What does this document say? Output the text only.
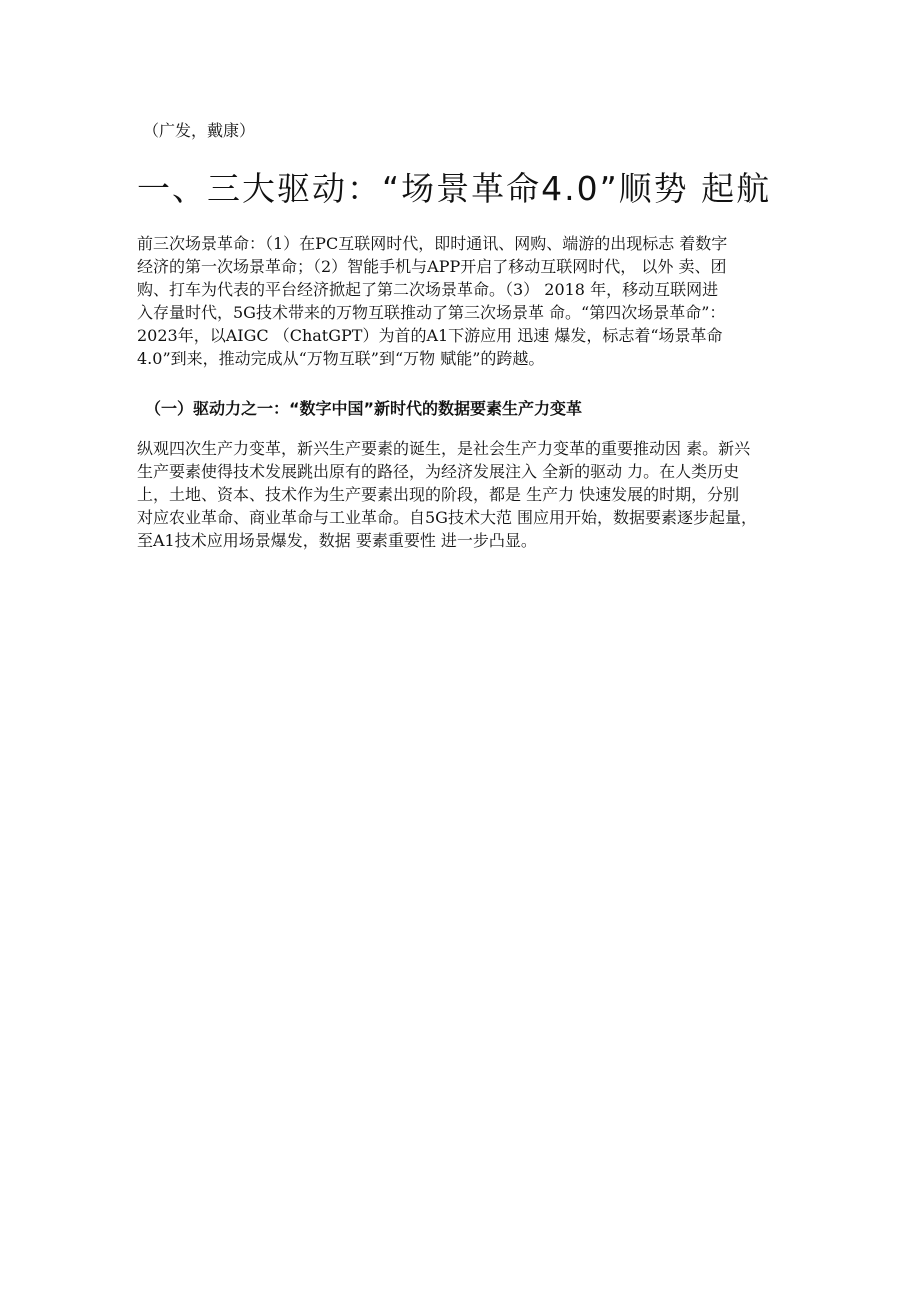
（广发，戴康）
一、三大驱动：“场景革命4.0”顺势 起航

前三次场景革命：（1）在PC互联网时代，即时通讯、网购、端游的出现标志 着数字
经济的第一次场景革命；（2）智能手机与APP开启了移动互联网时代， 以外 卖、团
购、打车为代表的平台经济掀起了第二次场景革命。（3） 2018 年，移动互联网进
入存量时代，5G技术带来的万物互联推动了第三次场景革 命。“第四次场景革命”：
2023年，以AIGC （ChatGPT）为首的A1下游应用 迅速 爆发，标志着“场景革命
4.0”到来，推动完成从“万物互联”到“万物 赋能”的跨越。

（一）驱动力之一：“数字中国”新时代的数据要素生产力变革

纵观四次生产力变革，新兴生产要素的诞生，是社会生产力变革的重要推动因 素。新兴
生产要素使得技术发展跳出原有的路径，为经济发展注入 全新的驱动 力。在人类历史
上，土地、资本、技术作为生产要素出现的阶段，都是 生产力 快速发展的时期，分别
对应农业革命、商业革命与工业革命。自5G技术大范 围应用开始，数据要素逐步起量，
至A1技术应用场景爆发，数据 要素重要性 进一步凸显。
